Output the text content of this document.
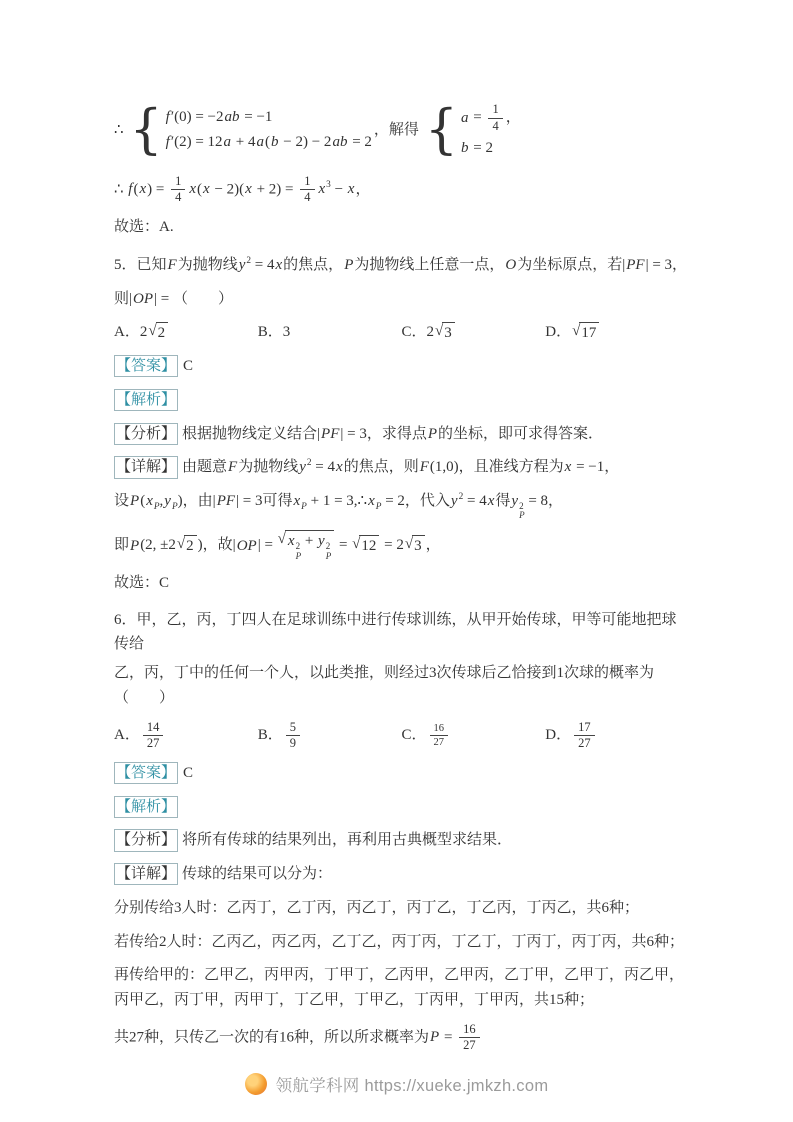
∴ { f′(0) = −2ab = −1
f′(2) = 12a + 4a(b − 2) − 2ab = 2
，解得 { $a = \frac{1}{4}$ ，
b = 2
∴ $f(x) = \frac{1}{4} x(x - 2)(x + 2) = \frac{1}{4} x^3 - x$，
故选：A.
5．已知F为抛物线$y^2 = 4x$的焦点，P为抛物线上任意一点，O为坐标原点，若|PF| = 3，
则|OP| = （　　）
A．2 √ 2	B．3	C．2 √ 3	D． √ 17
【答案】 C
【解析】
【分析】 根据抛物线定义结合|PF| = 3，求得点P的坐标，即可求得答案．
【详解】 由题意F为抛物线$y^2 = 4x$的焦点，则F(1,0)，且准线方程为x = −1，
设$P(x_P,y_P)$，由|PF| = 3可得$x_P + 1$ = $3,\therefore x_P = 2$，代入$y^2 = 4x$得y 2
P
= 8，
即P(2, ±2 √ 2 )，故|OP| = √ x 2
P
+ y 2
P
= √ 12 = 2 √ 3 ，
故选：C
6．甲，乙，丙，丁四人在足球训练中进行传球训练，从甲开始传球，甲等可能地把球传给
乙，丙，丁中的任何一个人，以此类推，则经过3次传球后乙恰接到1次球的概率为（　　）
A． $\frac{14}{27}$	B． $\frac{5}{9}$	C． $\frac{16}{27}$	D． $\frac{17}{27}$
【答案】 C
【解析】
【分析】 将所有传球的结果列出，再利用古典概型求结果．
【详解】 传球的结果可以分为：
分别传给3人时：乙丙丁，乙丁丙，丙乙丁，丙丁乙，丁乙丙，丁丙乙，共6种；
若传给2人时：乙丙乙，丙乙丙，乙丁乙，丙丁丙，丁乙丁，丁丙丁，丙丁丙，共6种；
再传给甲的：乙甲乙，丙甲丙，丁甲丁，乙丙甲，乙甲丙，乙丁甲，乙甲丁，丙乙甲，丙甲乙，丙丁甲，丙甲丁，丁乙甲，丁甲乙，丁丙甲，丁甲丙，共15种；
共27种，只传乙一次的有16种，所以所求概率为$P = \frac{16}{27}$
领航学科网 https://xueke.jmkzh.com
